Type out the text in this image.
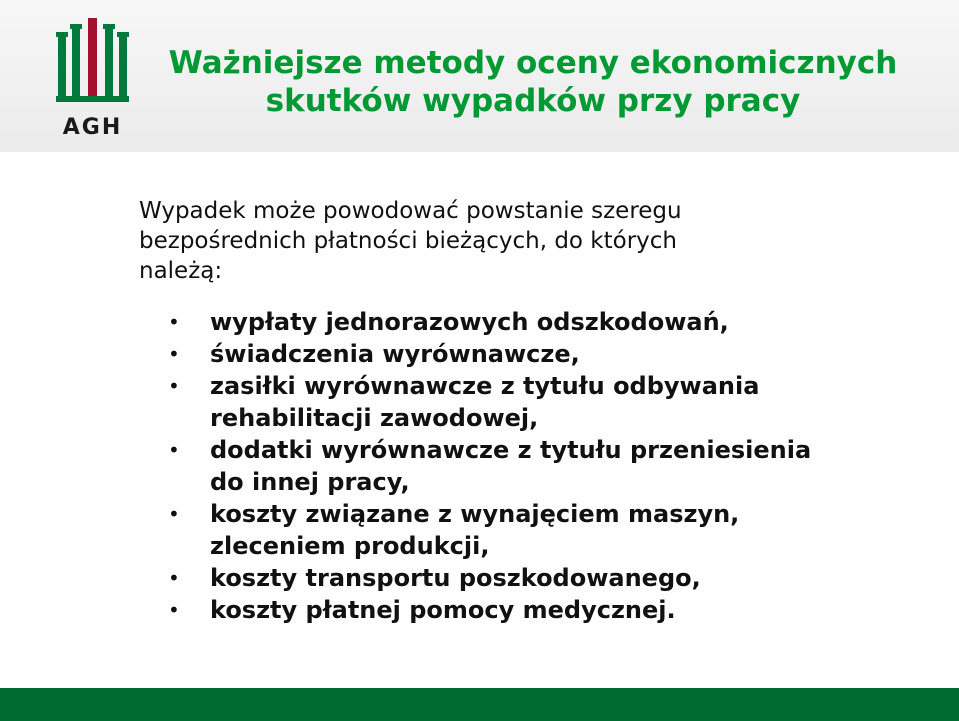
AGH
Ważniejsze metody oceny ekonomicznych
skutków wypadków przy pracy

Wypadek może powodować powstanie szeregu
bezpośrednich płatności bieżących, do których
należą:

• wypłaty jednorazowych odszkodowań,
• świadczenia wyrównawcze,
• zasiłki wyrównawcze z tytułu odbywania
rehabilitacji zawodowej,
• dodatki wyrównawcze z tytułu przeniesienia
do innej pracy,
• koszty związane z wynajęciem maszyn,
zleceniem produkcji,
• koszty transportu poszkodowanego,
• koszty płatnej pomocy medycznej.
